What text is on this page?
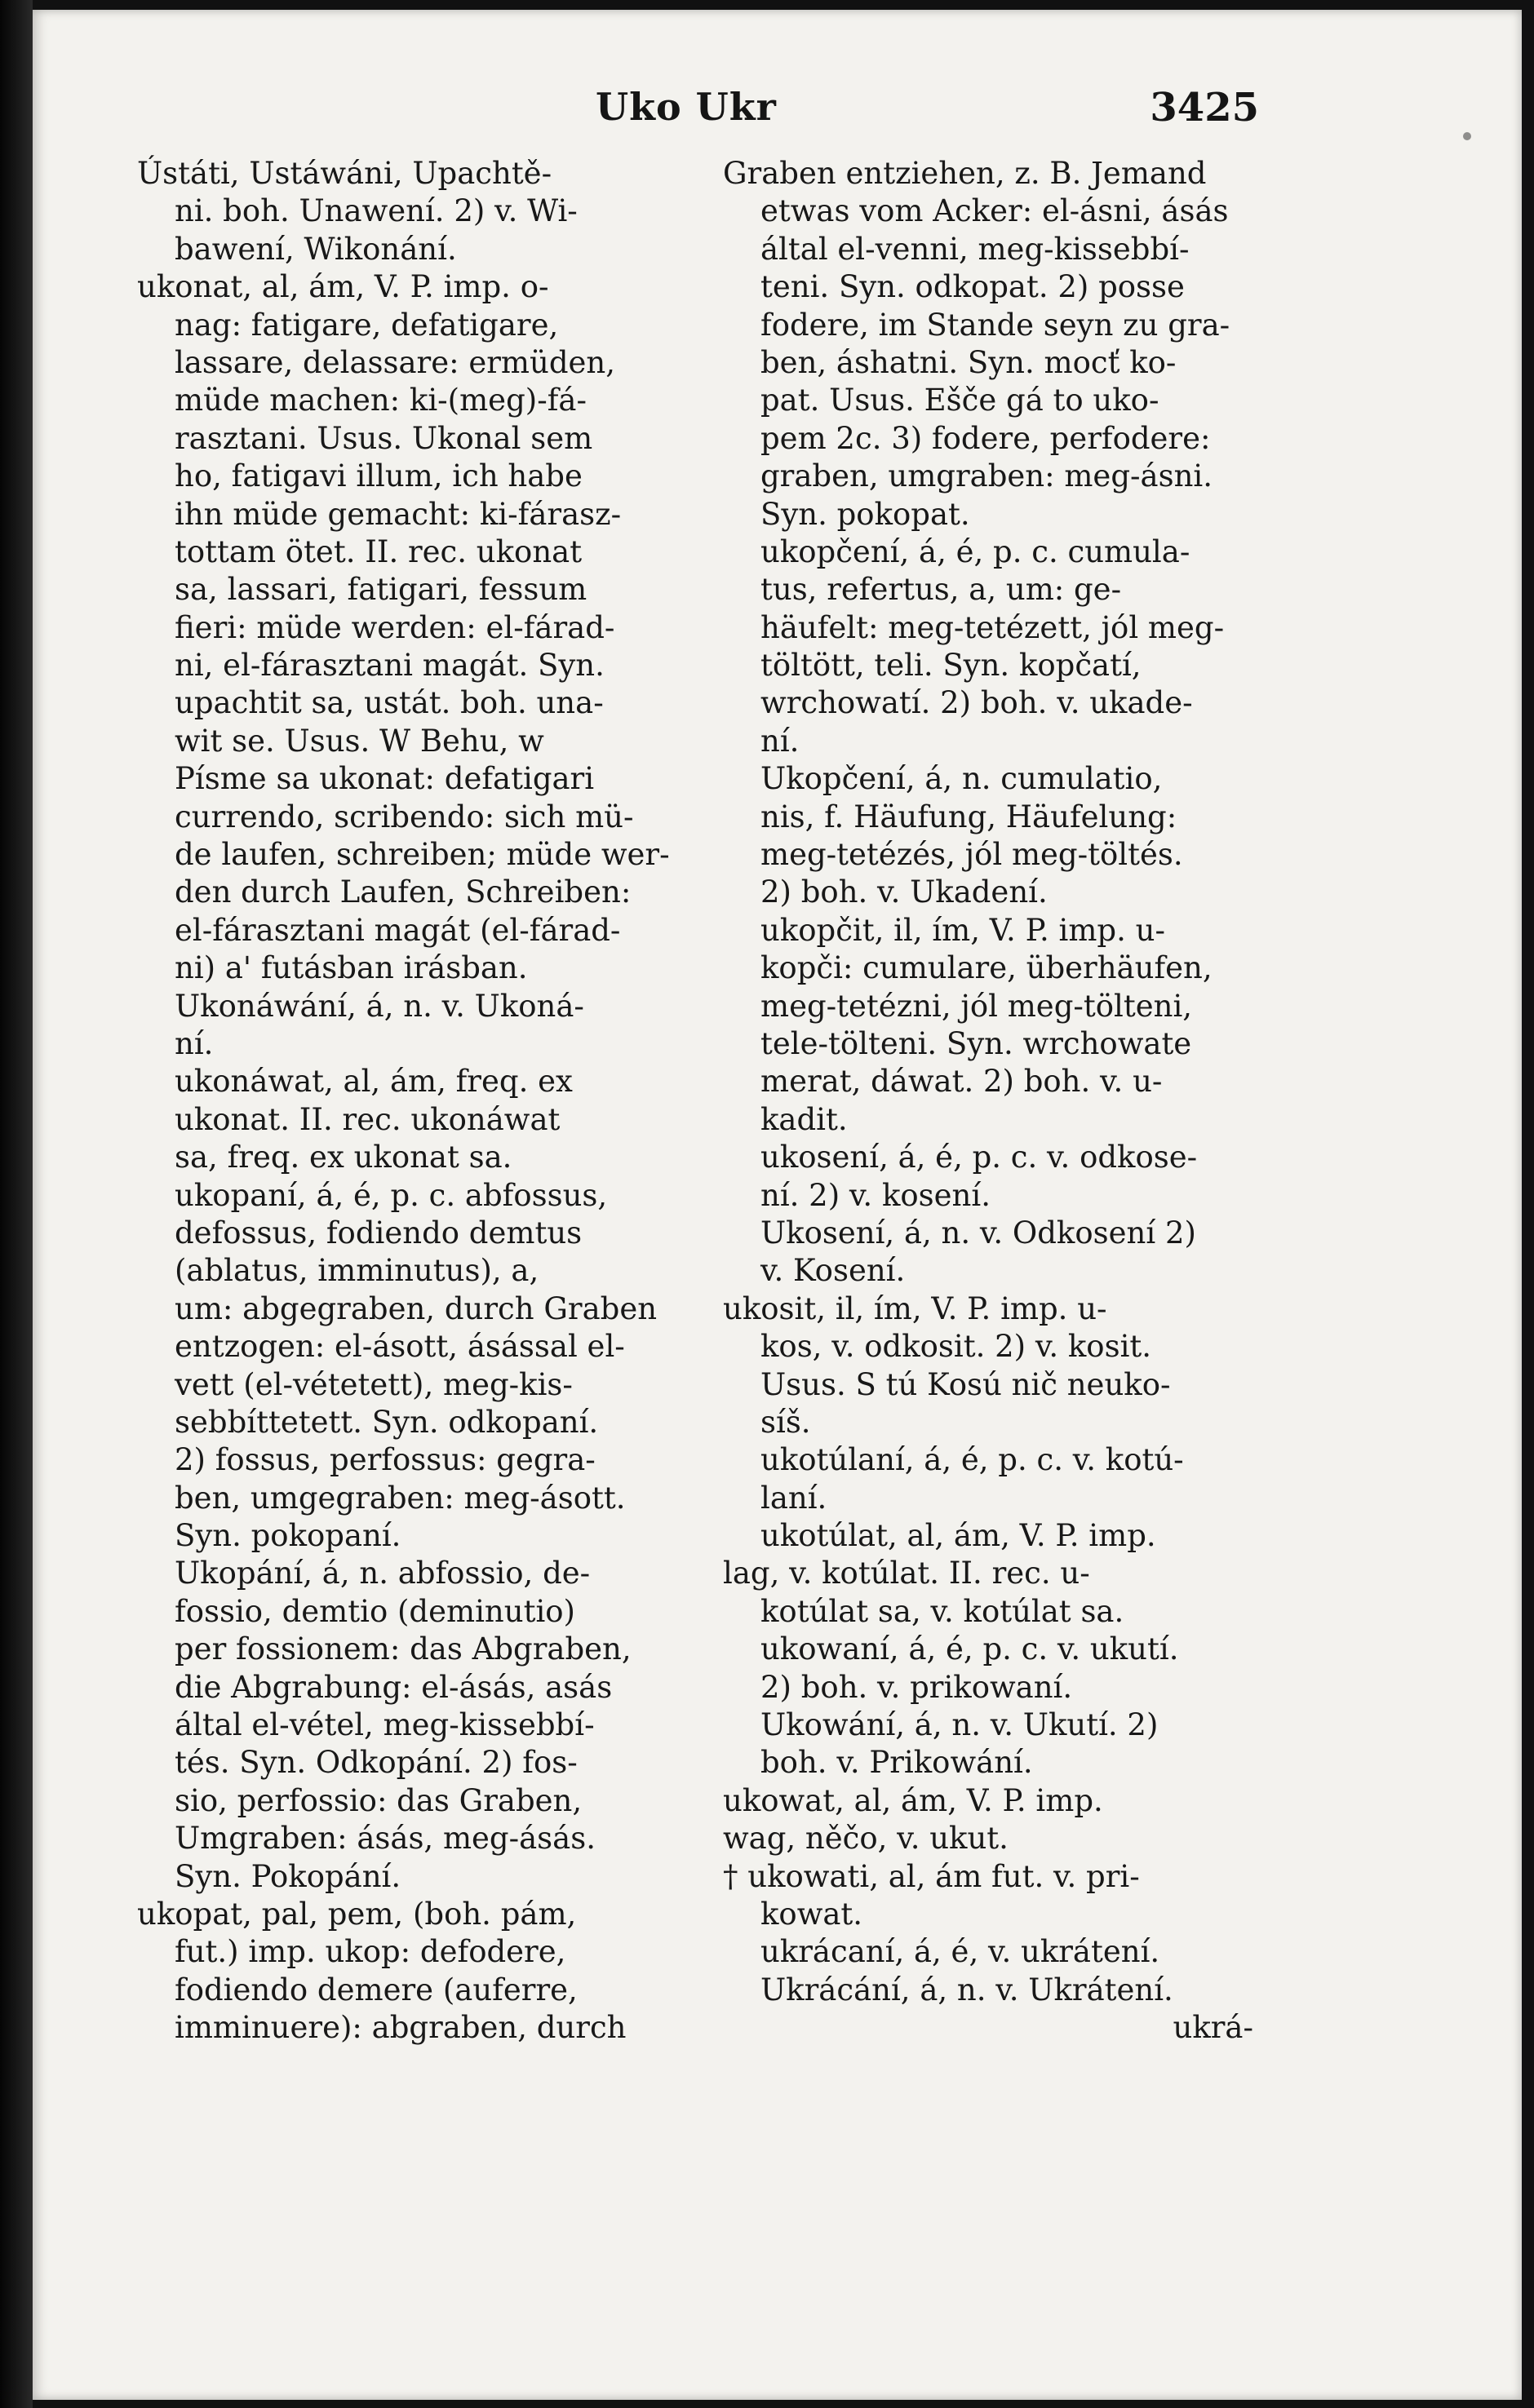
Uko Ukr	3425
Ústáti, Ustáwáni, Upachtě-
ni. boh. Unawení. 2) v. Wi-
bawení, Wikonání.
ukonat, al, ám, V. P. imp. o-
nag: fatigare, defatigare,
lassare, delassare: ermüden,
müde machen: ki-(meg)-fá-
rasztani. Usus. Ukonal sem
ho, fatigavi illum, ich habe
ihn müde gemacht: ki-fárasz-
tottam ötet. II. rec. ukonat
sa, lassari, fatigari, fessum
fieri: müde werden: el-fárad-
ni, el-fárasztani magát. Syn.
upachtit sa, ustát. boh. una-
wit se. Usus. W Behu, w
Písme sa ukonat: defatigari
currendo, scribendo: sich mü-
de laufen, schreiben; müde wer-
den durch Laufen, Schreiben:
el-fárasztani magát (el-fárad-
ni) a' futásban irásban.
Ukonáwání, á, n. v. Ukoná-
ní.
ukonáwat, al, ám, freq. ex
ukonat. II. rec. ukonáwat
sa, freq. ex ukonat sa.
ukopaní, á, é, p. c. abfossus,
defossus, fodiendo demtus
(ablatus, imminutus), a,
um: abgegraben, durch Graben
entzogen: el-ásott, ásással el-
vett (el-vétetett), meg-kis-
sebbíttetett. Syn. odkopaní.
2) fossus, perfossus: gegra-
ben, umgegraben: meg-ásott.
Syn. pokopaní.
Ukopání, á, n. abfossio, de-
fossio, demtio (deminutio)
per fossionem: das Abgraben,
die Abgrabung: el-ásás, asás
által el-vétel, meg-kissebbí-
tés. Syn. Odkopání. 2) fos-
sio, perfossio: das Graben,
Umgraben: ásás, meg-ásás.
Syn. Pokopání.
ukopat, pal, pem, (boh. pám,
fut.) imp. ukop: defodere,
fodiendo demere (auferre,
imminuere): abgraben, durch
Graben entziehen, z. B. Jemand
etwas vom Acker: el-ásni, ásás
által el-venni, meg-kissebbí-
teni. Syn. odkopat. 2) posse
fodere, im Stande seyn zu gra-
ben, áshatni. Syn. mocť ko-
pat. Usus. Ešče gá to uko-
pem 2c. 3) fodere, perfodere:
graben, umgraben: meg-ásni.
Syn. pokopat.
ukopčení, á, é, p. c. cumula-
tus, refertus, a, um: ge-
häufelt: meg-tetézett, jól meg-
töltött, teli. Syn. kopčatí,
wrchowatí. 2) boh. v. ukade-
ní.
Ukopčení, á, n. cumulatio,
nis, f. Häufung, Häufelung:
meg-tetézés, jól meg-töltés.
2) boh. v. Ukadení.
ukopčit, il, ím, V. P. imp. u-
kopči: cumulare, überhäufen,
meg-tetézni, jól meg-tölteni,
tele-tölteni. Syn. wrchowate
merat, dáwat. 2) boh. v. u-
kadit.
ukosení, á, é, p. c. v. odkose-
ní. 2) v. kosení.
Ukosení, á, n. v. Odkosení 2)
v. Kosení.
ukosit, il, ím, V. P. imp. u-
kos, v. odkosit. 2) v. kosit.
Usus. S tú Kosú nič neuko-
síš.
ukotúlaní, á, é, p. c. v. kotú-
laní.
ukotúlat, al, ám, V. P. imp.
lag, v. kotúlat. II. rec. u-
kotúlat sa, v. kotúlat sa.
ukowaní, á, é, p. c. v. ukutí.
2) boh. v. prikowaní.
Ukowání, á, n. v. Ukutí. 2)
boh. v. Prikowání.
ukowat, al, ám, V. P. imp.
wag, něčo, v. ukut.
† ukowati, al, ám fut. v. pri-
kowat.
ukrácaní, á, é, v. ukrátení.
Ukrácání, á, n. v. Ukrátení.
ukrá-
